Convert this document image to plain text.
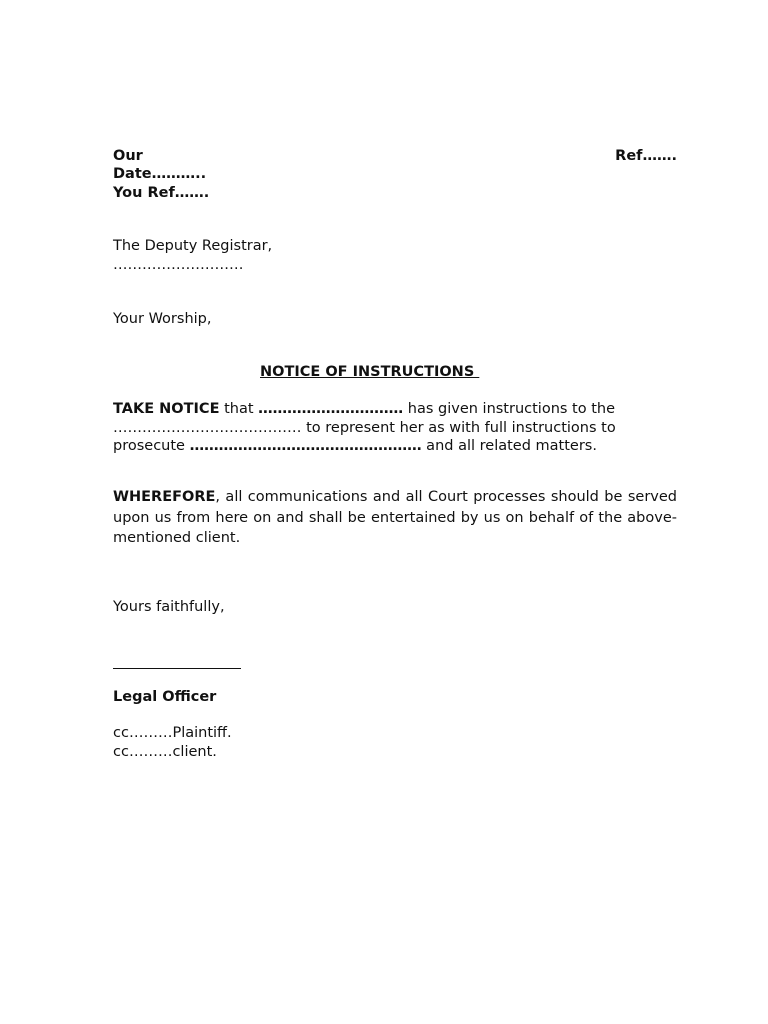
Our	Ref…….
Date………..
You Ref…….
The Deputy Registrar,
………………………
Your Worship,
NOTICE OF INSTRUCTIONS
TAKE NOTICE that ………………………… has given instructions to the
………………………………… to represent her as with full instructions to
prosecute ………………………………………… and all related matters.
WHEREFORE, all communications and all Court processes should be served upon us from here on and shall be entertained by us on behalf of the above-mentioned client.
Yours faithfully,
Legal Officer
cc………Plaintiff.
cc………client.
